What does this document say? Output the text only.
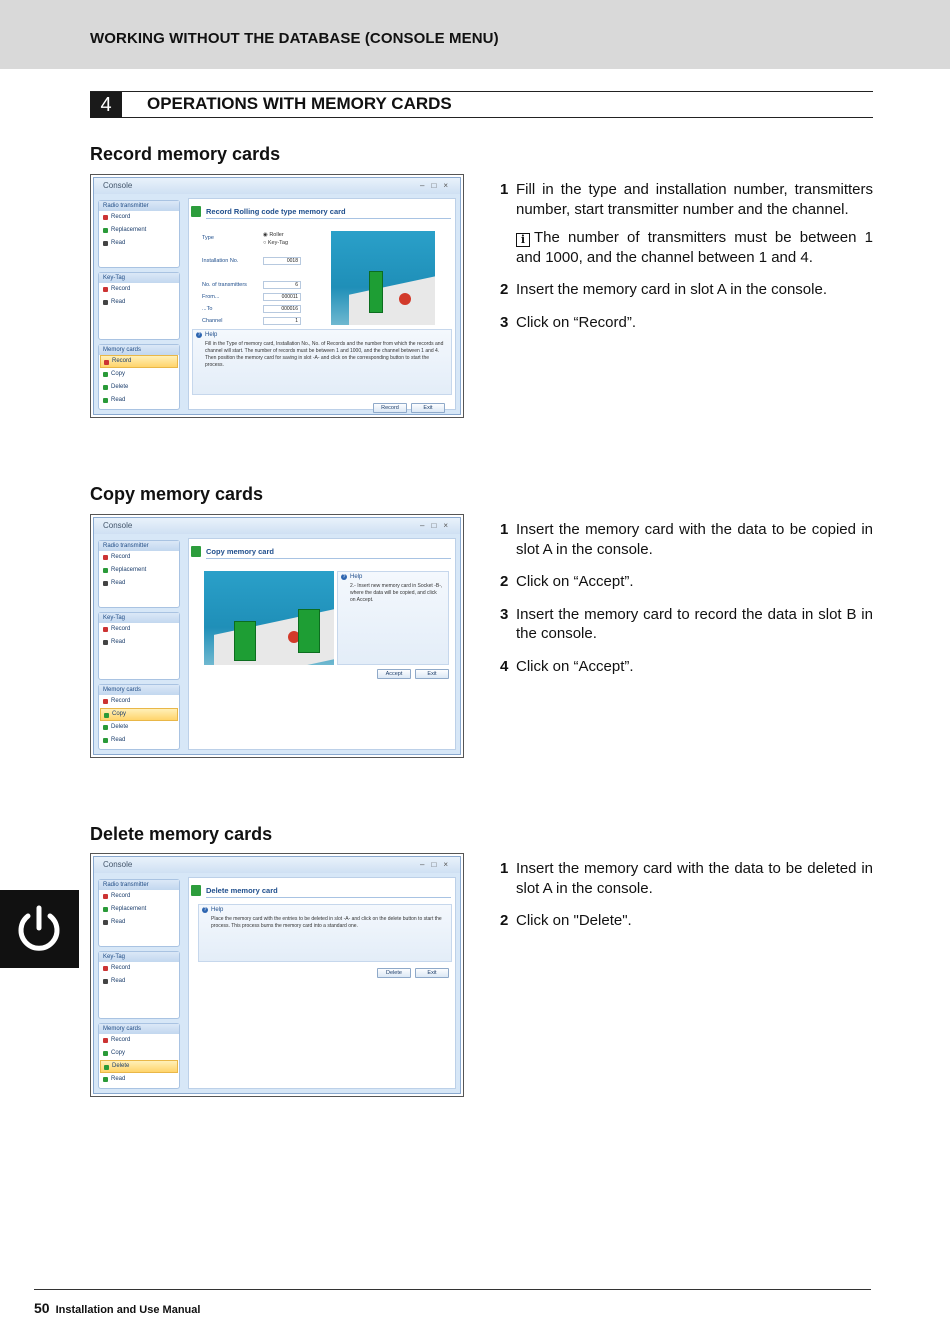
WORKING WITHOUT THE DATABASE (CONSOLE MENU)
4	OPERATIONS WITH MEMORY CARDS
Record memory cards
Console	–□×
Radio transmitter
Record
Replacement
Read
Key-Tag
Record
Read
Memory cards
Record
Copy
Delete
Read
Record Rolling code type memory card
Type	◉ Roller
○ Key-Tag
Installation No.	0018
No. of transmitters	6
From...	000011
...To	000016
Channel	1
? Help
Fill in the Type of memory card, Installation No., No. of Records and the number from which the records and channel will start. The number of records must be between 1 and 1000, and the channel between 1 and 4. Then position the memory card for saving in slot -A- and click on the corresponding button to start the process.
Record	Exit
1 Fill in the type and installation number, transmitters number, start transmitter number and the channel.
i The number of transmitters must be between 1 and 1000, and the channel between 1 and 4.
2 Insert the memory card in slot A in the console.
3 Click on “Record”.
Copy memory cards
Console	–□×
Radio transmitter
Record
Replacement
Read
Key-Tag
Record
Read
Memory cards
Record
Copy
Delete
Read
Copy memory card
? Help
2.- Insert new memory card in Socket -B-, where the data will be copied, and click on Accept.
Accept	Exit
1 Insert the memory card with the data to be copied in slot A in the console.
2 Click on “Accept”.
3 Insert the memory card to record the data in slot B in the console.
4 Click on “Accept”.
Delete memory cards
Console	–□×
Radio transmitter
Record
Replacement
Read
Key-Tag
Record
Read
Memory cards
Record
Copy
Delete
Read
Delete memory card
? Help
Place the memory card with the entries to be deleted in slot -A- and click on the delete button to start the process. This process burns the memory card into a standard one.
Delete	Exit
1 Insert the memory card with the data to be deleted in slot A in the console.
2 Click on "Delete".
50 Installation and Use Manual
